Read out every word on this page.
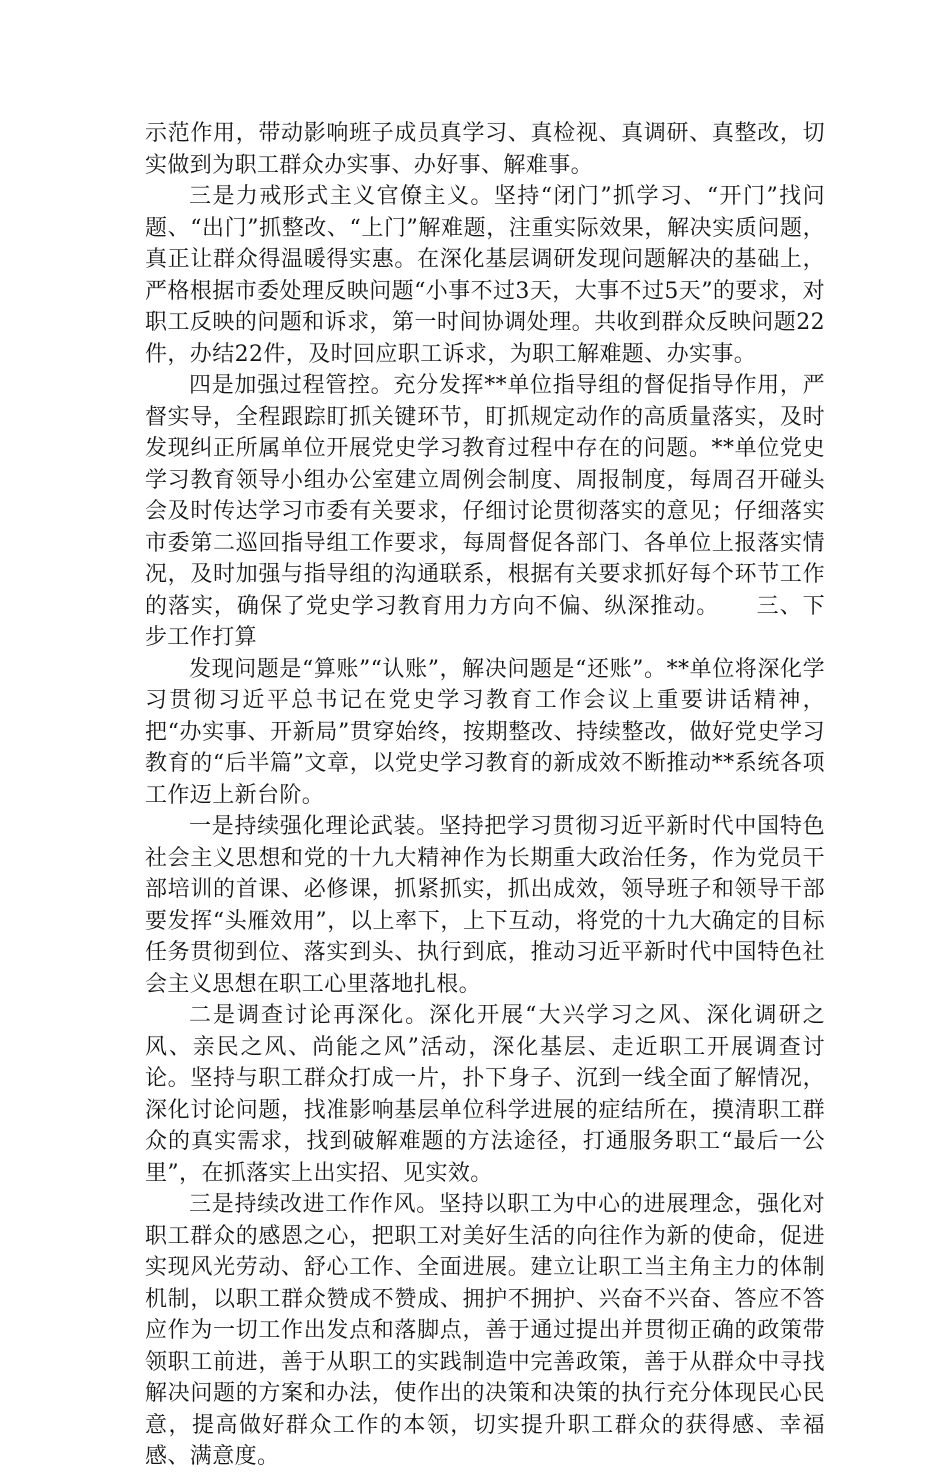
示范作用，带动影响班子成员真学习、真检视、真调研、真整改，切实做到为职工群众办实事、办好事、解难事。

三是力戒形式主义官僚主义。坚持“闭门”抓学习、“开门”找问题、“出门”抓整改、“上门”解难题，注重实际效果，解决实质问题，真正让群众得温暖得实惠。在深化基层调研发现问题解决的基础上，严格根据市委处理反映问题“小事不过3天，大事不过5天”的要求，对职工反映的问题和诉求，第一时间协调处理。共收到群众反映问题22件，办结22件，及时回应职工诉求，为职工解难题、办实事。

四是加强过程管控。充分发挥**单位指导组的督促指导作用，严督实导，全程跟踪盯抓关键环节，盯抓规定动作的高质量落实，及时发现纠正所属单位开展党史学习教育过程中存在的问题。**单位党史学习教育领导小组办公室建立周例会制度、周报制度，每周召开碰头会及时传达学习市委有关要求，仔细讨论贯彻落实的意见；仔细落实市委第二巡回指导组工作要求，每周督促各部门、各单位上报落实情况，及时加强与指导组的沟通联系，根据有关要求抓好每个环节工作的落实，确保了党史学习教育用力方向不偏、纵深推动。 三、下步工作打算

发现问题是“算账”“认账”，解决问题是“还账”。**单位将深化学习贯彻习近平总书记在党史学习教育工作会议上重要讲话精神，把“办实事、开新局”贯穿始终，按期整改、持续整改，做好党史学习教育的“后半篇”文章，以党史学习教育的新成效不断推动**系统各项工作迈上新台阶。

一是持续强化理论武装。坚持把学习贯彻习近平新时代中国特色社会主义思想和党的十九大精神作为长期重大政治任务，作为党员干部培训的首课、必修课，抓紧抓实，抓出成效，领导班子和领导干部要发挥“头雁效用”，以上率下，上下互动，将党的十九大确定的目标任务贯彻到位、落实到头、执行到底，推动习近平新时代中国特色社会主义思想在职工心里落地扎根。

二是调查讨论再深化。深化开展“大兴学习之风、深化调研之风、亲民之风、尚能之风”活动，深化基层、走近职工开展调查讨论。坚持与职工群众打成一片，扑下身子、沉到一线全面了解情况，深化讨论问题，找准影响基层单位科学进展的症结所在，摸清职工群众的真实需求，找到破解难题的方法途径，打通服务职工“最后一公里”，在抓落实上出实招、见实效。

三是持续改进工作作风。坚持以职工为中心的进展理念，强化对职工群众的感恩之心，把职工对美好生活的向往作为新的使命，促进实现风光劳动、舒心工作、全面进展。建立让职工当主角主力的体制机制，以职工群众赞成不赞成、拥护不拥护、兴奋不兴奋、答应不答应作为一切工作出发点和落脚点，善于通过提出并贯彻正确的政策带领职工前进，善于从职工的实践制造中完善政策，善于从群众中寻找解决问题的方案和办法，使作出的决策和决策的执行充分体现民心民意，提高做好群众工作的本领，切实提升职工群众的获得感、幸福感、满意度。
